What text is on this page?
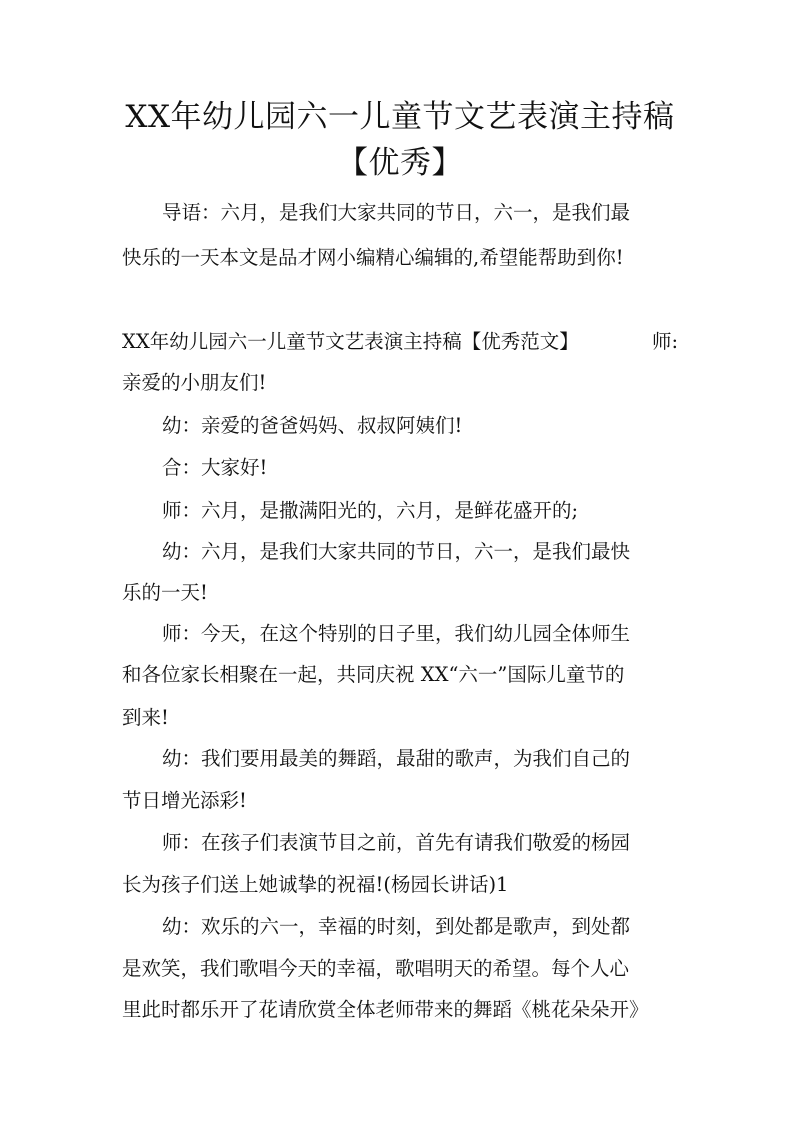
XX年幼儿园六一儿童节文艺表演主持稿
【优秀】
导语：六月，是我们大家共同的节日，六一，是我们最
快乐的一天本文是品才网小编精心编辑的,希望能帮助到你!
XX年幼儿园六一儿童节文艺表演主持稿【优秀范文】	师:
亲爱的小朋友们!
幼：亲爱的爸爸妈妈、叔叔阿姨们!
合：大家好!
师：六月，是撒满阳光的，六月，是鲜花盛开的;
幼：六月，是我们大家共同的节日，六一，是我们最快
乐的一天!
师：今天，在这个特别的日子里，我们幼儿园全体师生
和各位家长相聚在一起，共同庆祝 XX“六一”国际儿童节的
到来!
幼：我们要用最美的舞蹈，最甜的歌声，为我们自己的
节日增光添彩!
师：在孩子们表演节目之前，首先有请我们敬爱的杨园
长为孩子们送上她诚挚的祝福!(杨园长讲话)1
幼：欢乐的六一，幸福的时刻，到处都是歌声，到处都
是欢笑，我们歌唱今天的幸福，歌唱明天的希望。每个人心
里此时都乐开了花请欣赏全体老师带来的舞蹈《桃花朵朵开》
